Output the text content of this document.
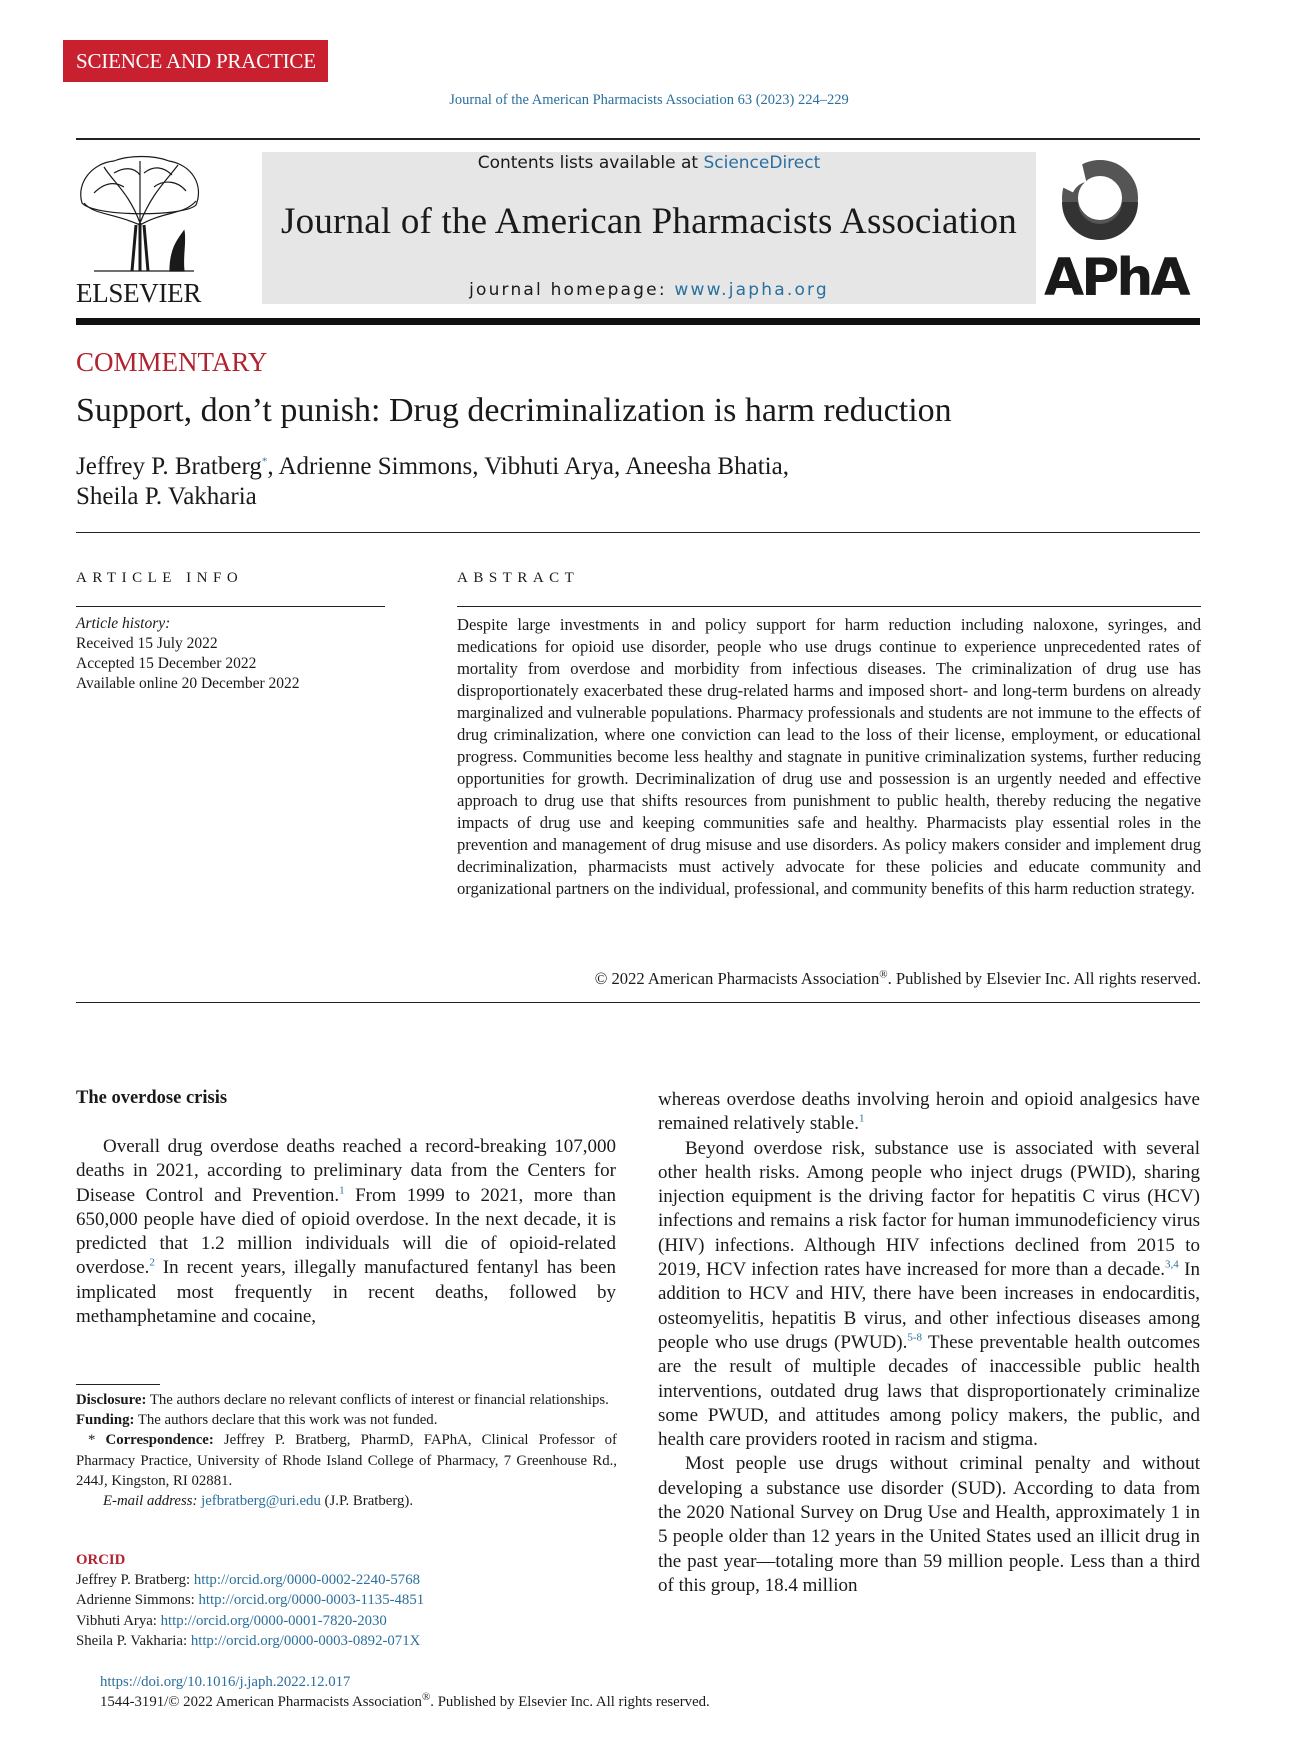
SCIENCE AND PRACTICE
Journal of the American Pharmacists Association 63 (2023) 224–229
ELSEVIER
Contents lists available at ScienceDirect
Journal of the American Pharmacists Association
journal homepage: www.japha.org	APhA
COMMENTARY
Support, don’t punish: Drug decriminalization is harm reduction
Jeffrey P. Bratberg*, Adrienne Simmons, Vibhuti Arya, Aneesha Bhatia,
Sheila P. Vakharia
ARTICLE INFO
Article history:
Received 15 July 2022
Accepted 15 December 2022
Available online 20 December 2022
ABSTRACT
Despite large investments in and policy support for harm reduction including naloxone, syringes, and medications for opioid use disorder, people who use drugs continue to experience unprecedented rates of mortality from overdose and morbidity from infectious diseases. The criminalization of drug use has disproportionately exacerbated these drug-related harms and imposed short- and long-term burdens on already marginalized and vulnerable populations. Pharmacy professionals and students are not immune to the effects of drug criminalization, where one conviction can lead to the loss of their license, employment, or educational progress. Communities become less healthy and stagnate in punitive criminalization systems, further reducing opportunities for growth. Decriminalization of drug use and possession is an urgently needed and effective approach to drug use that shifts resources from punishment to public health, thereby reducing the negative impacts of drug use and keeping communities safe and healthy. Pharmacists play essential roles in the prevention and management of drug misuse and use disorders. As policy makers consider and implement drug decriminalization, pharmacists must actively advocate for these policies and educate community and organizational partners on the individual, professional, and community benefits of this harm reduction strategy.
© 2022 American Pharmacists Association®. Published by Elsevier Inc. All rights reserved.
The overdose crisis

Overall drug overdose deaths reached a record-breaking 107,000 deaths in 2021, according to preliminary data from the Centers for Disease Control and Prevention.$^1$ From 1999 to 2021, more than 650,000 people have died of opioid overdose. In the next decade, it is predicted that 1.2 million individuals will die of opioid-related overdose.$^2$ In recent years, illegally manufactured fentanyl has been implicated most frequently in recent deaths, followed by methamphetamine and cocaine,

whereas overdose deaths involving heroin and opioid analgesics have remained relatively stable.$^1$

Beyond overdose risk, substance use is associated with several other health risks. Among people who inject drugs (PWID), sharing injection equipment is the driving factor for hepatitis C virus (HCV) infections and remains a risk factor for human immunodeficiency virus (HIV) infections. Although HIV infections declined from 2015 to 2019, HCV infection rates have increased for more than a decade.$^{3,4}$ In addition to HCV and HIV, there have been increases in endocarditis, osteomyelitis, hepatitis B virus, and other infectious diseases among people who use drugs (PWUD).$^{5-8}$ These preventable health outcomes are the result of multiple decades of inaccessible public health interventions, outdated drug laws that disproportionately criminalize some PWUD, and attitudes among policy makers, the public, and health care providers rooted in racism and stigma.

Most people use drugs without criminal penalty and without developing a substance use disorder (SUD). According to data from the 2020 National Survey on Drug Use and Health, approximately 1 in 5 people older than 12 years in the United States used an illicit drug in the past year—totaling more than 59 million people. Less than a third of this group, 18.4 million

Disclosure: The authors declare no relevant conflicts of interest or financial relationships.

Funding: The authors declare that this work was not funded.

* Correspondence: Jeffrey P. Bratberg, PharmD, FAPhA, Clinical Professor of Pharmacy Practice, University of Rhode Island College of Pharmacy, 7 Greenhouse Rd., 244J, Kingston, RI 02881.

E-mail address: jefbratberg@uri.edu (J.P. Bratberg).

ORCID
Jeffrey P. Bratberg: http://orcid.org/0000-0002-2240-5768
Adrienne Simmons: http://orcid.org/0000-0003-1135-4851
Vibhuti Arya: http://orcid.org/0000-0001-7820-2030
Sheila P. Vakharia: http://orcid.org/0000-0003-0892-071X
https://doi.org/10.1016/j.japh.2022.12.017
1544-3191/© 2022 American Pharmacists Association®. Published by Elsevier Inc. All rights reserved.
